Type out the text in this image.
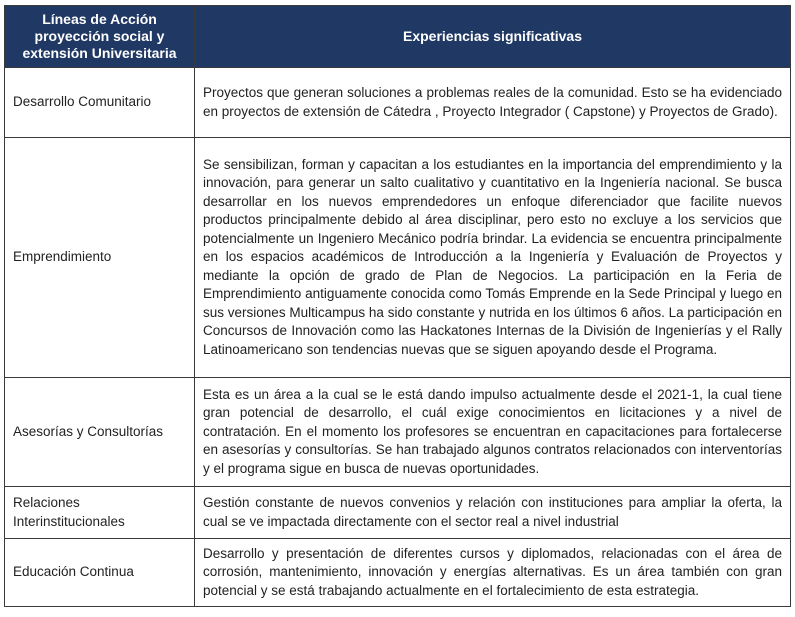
Líneas de Acción proyección social y extensión Universitaria	Experiencias significativas
Desarrollo Comunitario	Proyectos que generan soluciones a problemas reales de la comunidad. Esto se ha evidenciado en proyectos de extensión de Cátedra , Proyecto Integrador ( Capstone) y Proyectos de Grado).
Emprendimiento	Se sensibilizan, forman y capacitan a los estudiantes en la importancia del emprendimiento y la innovación, para generar un salto cualitativo y cuantitativo en la Ingeniería nacional. Se busca desarrollar en los nuevos emprendedores un enfoque diferenciador que facilite nuevos productos principalmente debido al área disciplinar, pero esto no excluye a los servicios que potencialmente un Ingeniero Mecánico podría brindar. La evidencia se encuentra principalmente en los espacios académicos de Introducción a la Ingeniería y Evaluación de Proyectos y mediante la opción de grado de Plan de Negocios. La participación en la Feria de Emprendimiento antiguamente conocida como Tomás Emprende en la Sede Principal y luego en sus versiones Multicampus ha sido constante y nutrida en los últimos 6 años. La participación en Concursos de Innovación como las Hackatones Internas de la División de Ingenierías y el Rally Latinoamericano son tendencias nuevas que se siguen apoyando desde el Programa.
Asesorías y Consultorías	Esta es un área a la cual se le está dando impulso actualmente desde el 2021-1, la cual tiene gran potencial de desarrollo, el cuál exige conocimientos en licitaciones y a nivel de contratación. En el momento los profesores se encuentran en capacitaciones para fortalecerse en asesorías y consultorías. Se han trabajado algunos contratos relacionados con interventorías y el programa sigue en busca de nuevas oportunidades.
Relaciones Interinstitucionales	Gestión constante de nuevos convenios y relación con instituciones para ampliar la oferta, la cual se ve impactada directamente con el sector real a nivel industrial
Educación Continua	Desarrollo y presentación de diferentes cursos y diplomados, relacionadas con el área de corrosión, mantenimiento, innovación y energías alternativas. Es un área también con gran potencial y se está trabajando actualmente en el fortalecimiento de esta estrategia.
